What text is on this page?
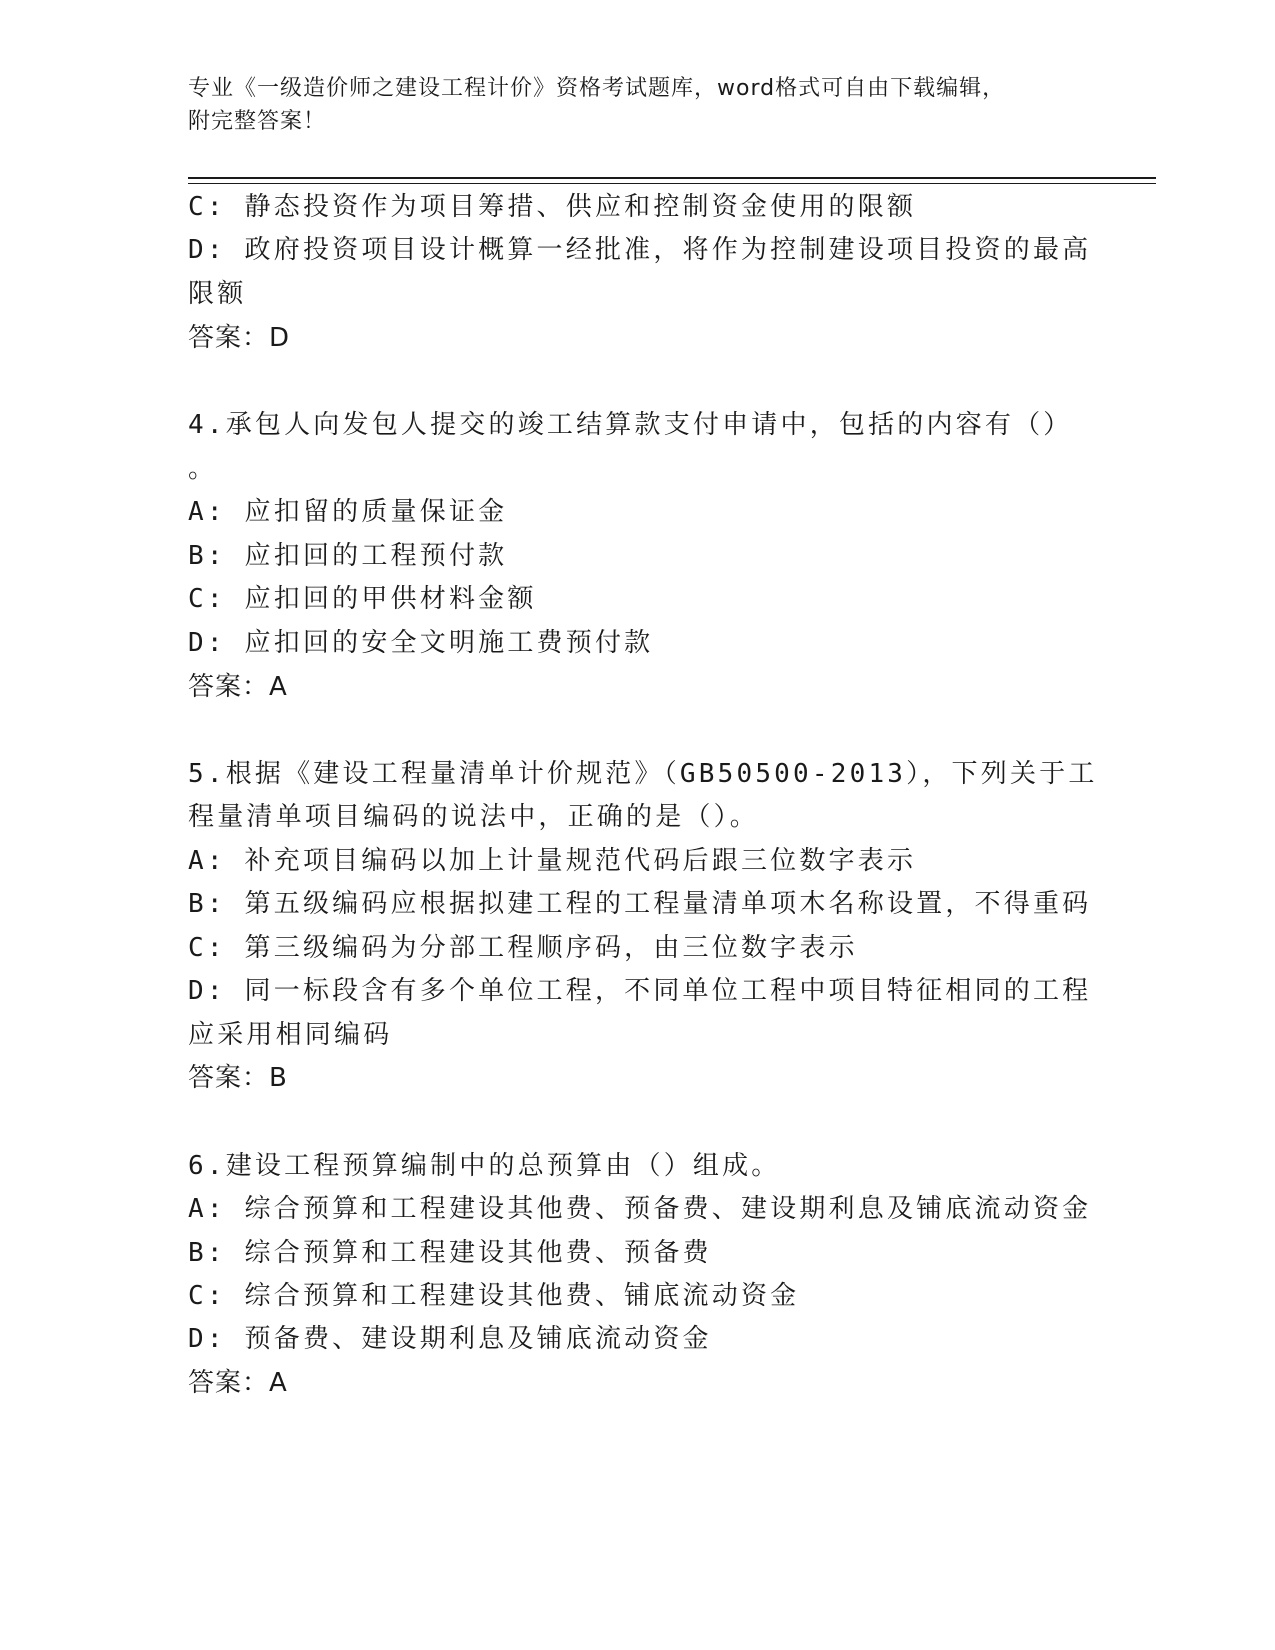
专业《一级造价师之建设工程计价》资格考试题库，word格式可自由下载编辑，
附完整答案！
C: 静态投资作为项目筹措、供应和控制资金使用的限额
D: 政府投资项目设计概算一经批准，将作为控制建设项目投资的最高
限额
答案：D
4.承包人向发包人提交的竣工结算款支付申请中，包括的内容有（）
。
A: 应扣留的质量保证金
B: 应扣回的工程预付款
C: 应扣回的甲供材料金额
D: 应扣回的安全文明施工费预付款
答案：A
5.根据《建设工程量清单计价规范》（GB50500-2013），下列关于工
程量清单项目编码的说法中，正确的是（）。
A: 补充项目编码以加上计量规范代码后跟三位数字表示
B: 第五级编码应根据拟建工程的工程量清单项木名称设置，不得重码
C: 第三级编码为分部工程顺序码，由三位数字表示
D: 同一标段含有多个单位工程，不同单位工程中项目特征相同的工程
应采用相同编码
答案：B
6.建设工程预算编制中的总预算由（）组成。
A: 综合预算和工程建设其他费、预备费、建设期利息及铺底流动资金
B: 综合预算和工程建设其他费、预备费
C: 综合预算和工程建设其他费、铺底流动资金
D: 预备费、建设期利息及铺底流动资金
答案：A
